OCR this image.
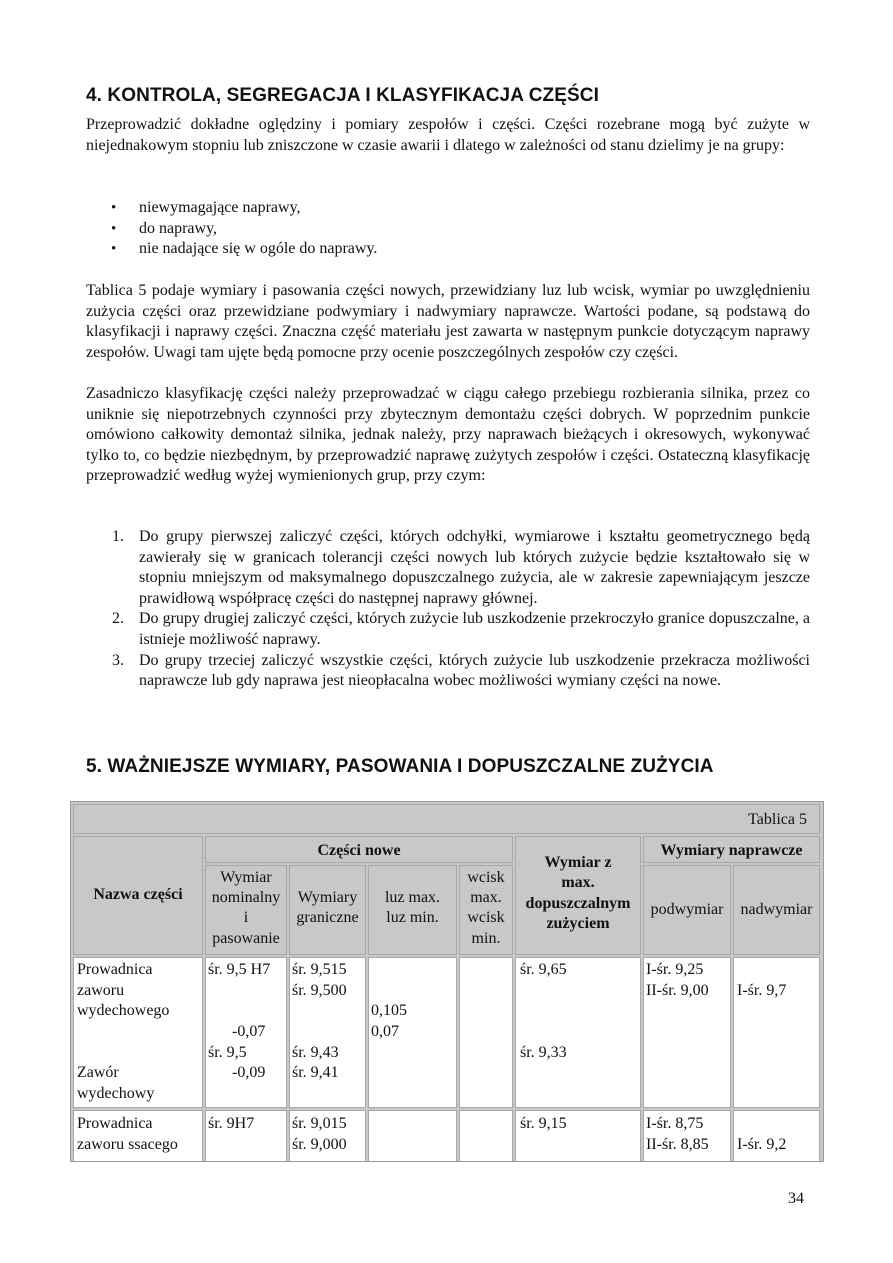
4. KONTROLA, SEGREGACJA I KLASYFIKACJA CZĘŚCI

Przeprowadzić dokładne oględziny i pomiary zespołów i części. Części rozebrane mogą być zużyte w niejednakowym stopniu lub zniszczone w czasie awarii i dlatego w zależności od stanu dzielimy je na grupy:

• niewymagające naprawy,
• do naprawy,
• nie nadające się w ogóle do naprawy.

Tablica 5 podaje wymiary i pasowania części nowych, przewidziany luz lub wcisk, wymiar po uwzględnieniu zużycia części oraz przewidziane podwymiary i nadwymiary naprawcze. Wartości podane, są podstawą do klasyfikacji i naprawy części. Znaczna część materiału jest zawarta w następnym punkcie dotyczącym naprawy zespołów. Uwagi tam ujęte będą pomocne przy ocenie poszczególnych zespołów czy części.

Zasadniczo klasyfikację części należy przeprowadzać w ciągu całego przebiegu rozbierania silnika, przez co uniknie się niepotrzebnych czynności przy zbytecznym demontażu części dobrych. W poprzednim punkcie omówiono całkowity demontaż silnika, jednak należy, przy naprawach bieżących i okresowych, wykonywać tylko to, co będzie niezbędnym, by przeprowadzić naprawę zużytych zespołów i części. Ostateczną klasyfikację przeprowadzić według wyżej wymienionych grup, przy czym:

1. Do grupy pierwszej zaliczyć części, których odchyłki, wymiarowe i kształtu geometrycznego będą zawierały się w granicach tolerancji części nowych lub których zużycie będzie kształtowało się w stopniu mniejszym od maksymalnego dopuszczalnego zużycia, ale w zakresie zapewniającym jeszcze prawidłową współpracę części do następnej naprawy głównej.
2. Do grupy drugiej zaliczyć części, których zużycie lub uszkodzenie przekroczyło granice dopuszczalne, a istnieje możliwość naprawy.
3. Do grupy trzeciej zaliczyć wszystkie części, których zużycie lub uszkodzenie przekracza możliwości naprawcze lub gdy naprawa jest nieopłacalna wobec możliwości wymiany części na nowe.
5. WAŻNIEJSZE WYMIARY, PASOWANIA I DOPUSZCZALNE ZUŻYCIA
Tablica 5
Nazwa części
Części nowe
Wymiar
nominalny
i
pasowanie
Wymiary
graniczne
luz max.
luz min.
wcisk
max.
wcisk
min.
Wymiar z
max.
dopuszczalnym
zużyciem
Wymiary naprawcze
podwymiar	nadwymiar
Prowadnica
zaworu
wydechowego
Zawór
wydechowy
śr. 9,5 H7
-0,07
śr. 9,5
-0,09
śr. 9,515
śr. 9,500
śr. 9,43
śr. 9,41
0,105
0,07
śr. 9,65
śr. 9,33
I-śr. 9,25
II-śr. 9,00 I-śr. 9,7
Prowadnica
zaworu ssacego
śr. 9H7 śr. 9,015
śr. 9,000
śr. 9,15	I-śr. 8,75
II-śr. 8,85 I-śr. 9,2
34
